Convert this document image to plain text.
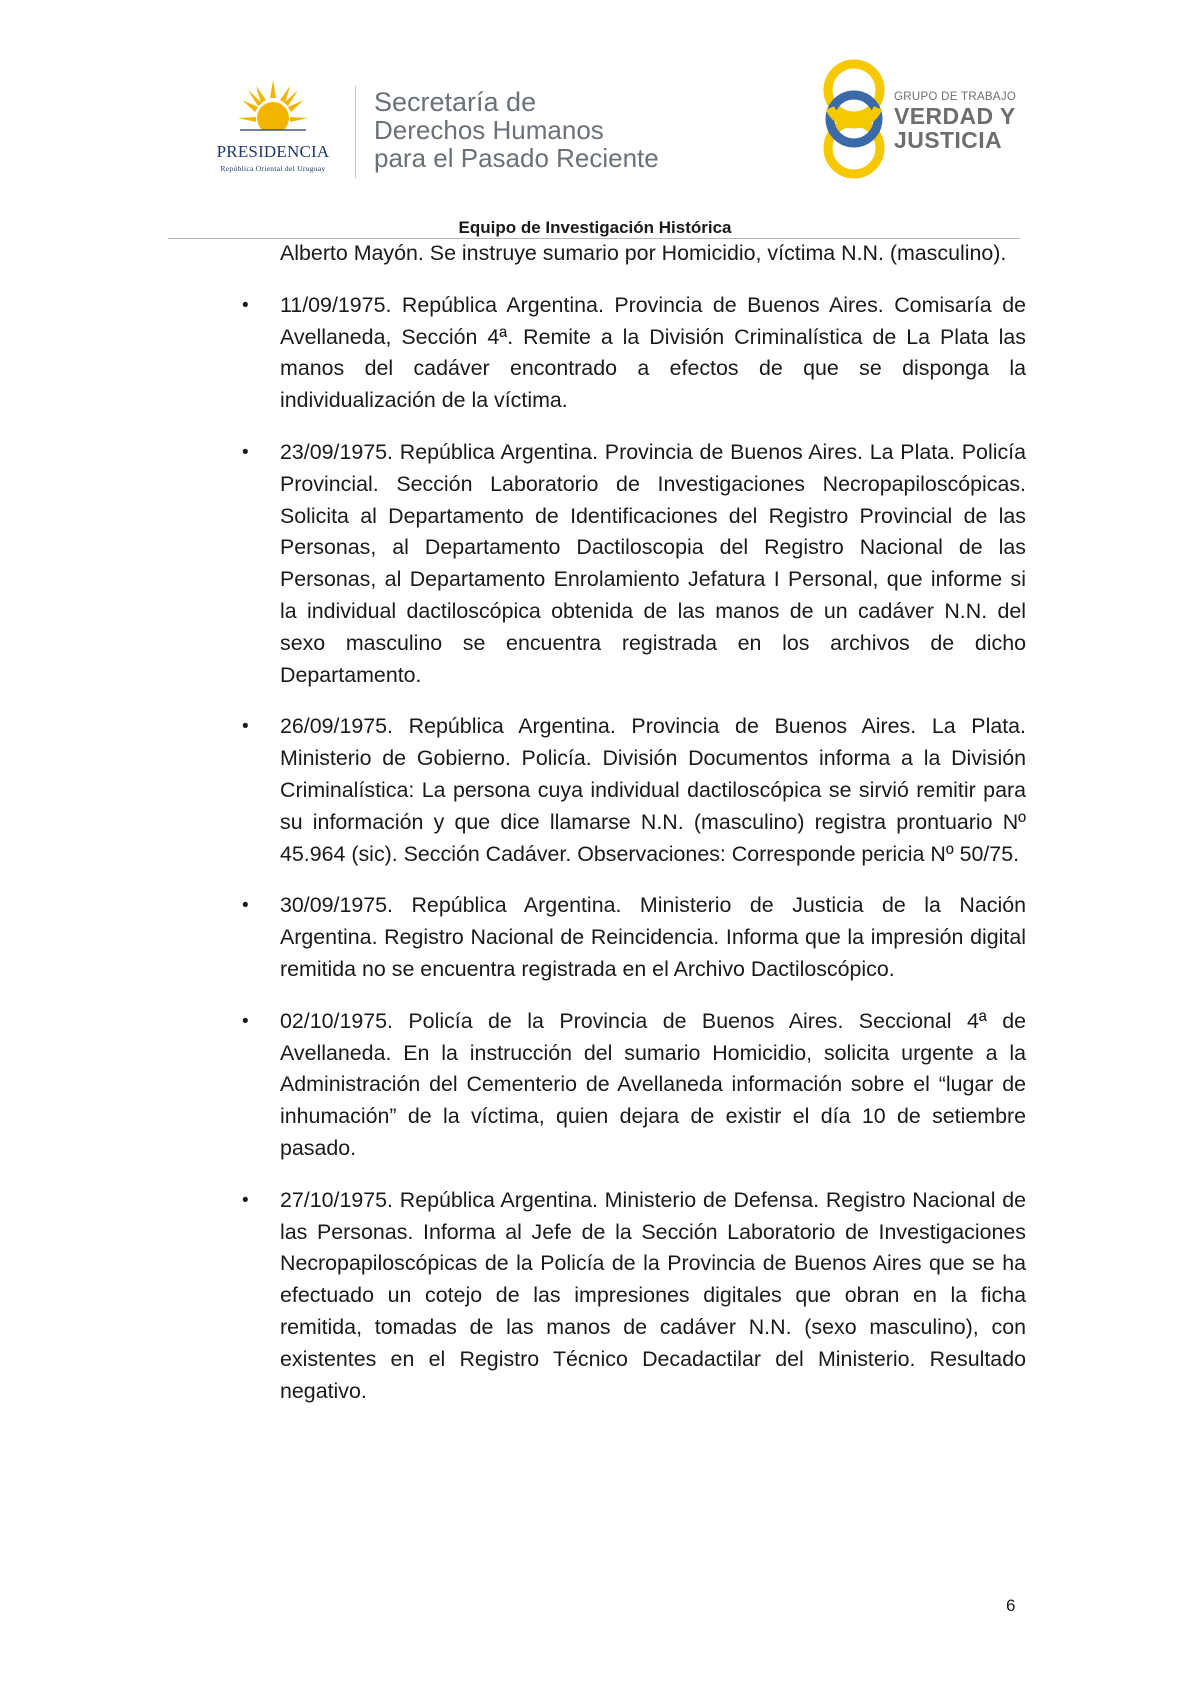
PRESIDENCIA
República Oriental del Uruguay
Secretaría de
Derechos Humanos
para el Pasado Reciente
GRUPO DE TRABAJO
VERDAD Y
JUSTICIA
Equipo de Investigación Histórica

Alberto Mayón. Se instruye sumario por Homicidio, víctima N.N. (masculino).

• 11/09/1975. República Argentina. Provincia de Buenos Aires. Comisaría de Avellaneda, Sección 4ª. Remite a la División Criminalística de La Plata las manos del cadáver encontrado a efectos de que se disponga la individualización de la víctima.

• 23/09/1975. República Argentina. Provincia de Buenos Aires. La Plata. Policía Provincial. Sección Laboratorio de Investigaciones Necropapiloscópicas. Solicita al Departamento de Identificaciones del Registro Provincial de las Personas, al Departamento Dactiloscopia del Registro Nacional de las Personas, al Departamento Enrolamiento Jefatura I Personal, que informe si la individual dactiloscópica obtenida de las manos de un cadáver N.N. del sexo masculino se encuentra registrada en los archivos de dicho Departamento.

• 26/09/1975. República Argentina. Provincia de Buenos Aires. La Plata. Ministerio de Gobierno. Policía. División Documentos informa a la División Criminalística: La persona cuya individual dactiloscópica se sirvió remitir para su información y que dice llamarse N.N. (masculino) registra prontuario Nº 45.964 (sic). Sección Cadáver. Observaciones: Corresponde pericia Nº 50/75.

• 30/09/1975. República Argentina. Ministerio de Justicia de la Nación Argentina. Registro Nacional de Reincidencia. Informa que la impresión digital remitida no se encuentra registrada en el Archivo Dactiloscópico.

• 02/10/1975. Policía de la Provincia de Buenos Aires. Seccional 4ª de Avellaneda. En la instrucción del sumario Homicidio, solicita urgente a la Administración del Cementerio de Avellaneda información sobre el “lugar de inhumación” de la víctima, quien dejara de existir el día 10 de setiembre pasado.

• 27/10/1975. República Argentina. Ministerio de Defensa. Registro Nacional de las Personas. Informa al Jefe de la Sección Laboratorio de Investigaciones Necropapiloscópicas de la Policía de la Provincia de Buenos Aires que se ha efectuado un cotejo de las impresiones digitales que obran en la ficha remitida, tomadas de las manos de cadáver N.N. (sexo masculino), con existentes en el Registro Técnico Decadactilar del Ministerio. Resultado negativo.

6
